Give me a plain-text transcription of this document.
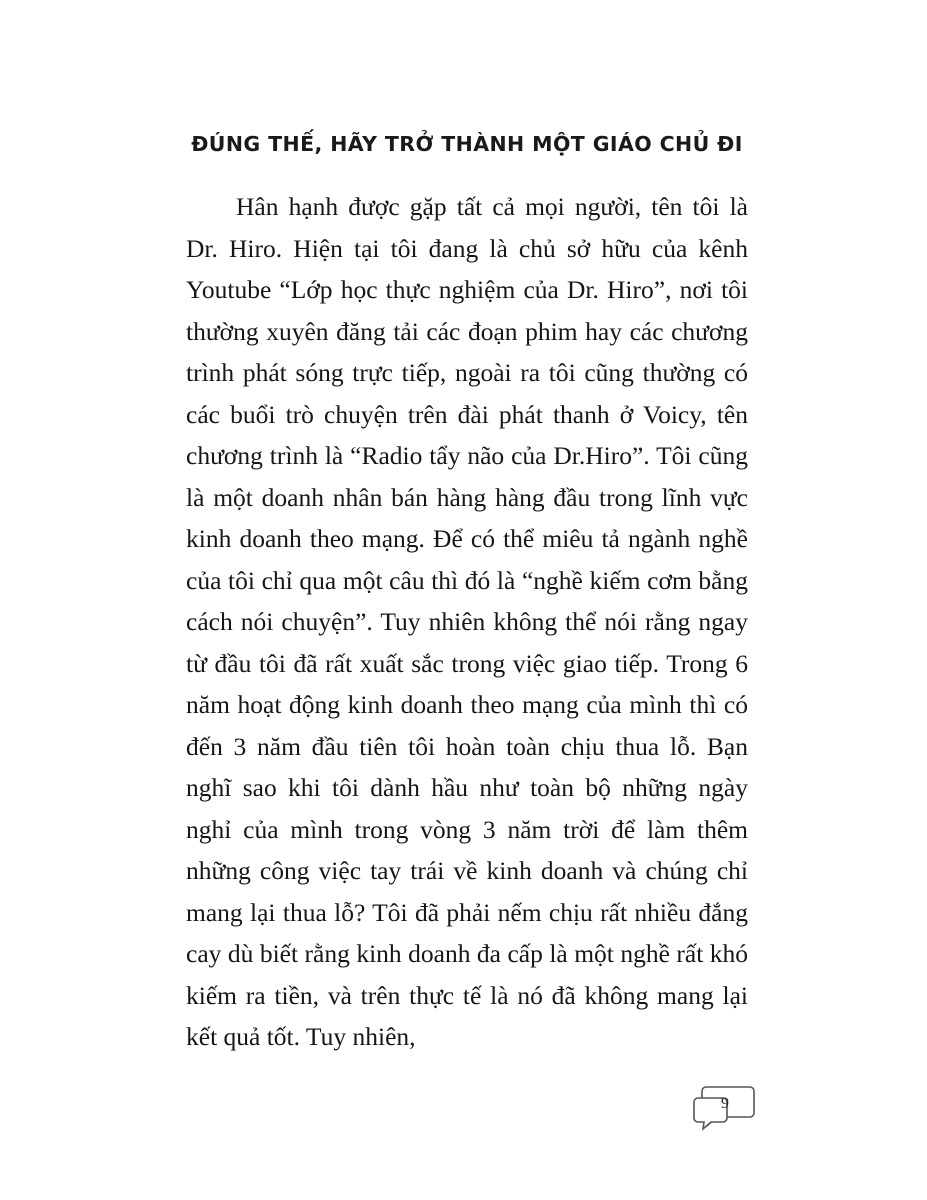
ĐÚNG THẾ, HÃY TRỞ THÀNH MỘT GIÁO CHỦ ĐI

Hân hạnh được gặp tất cả mọi người, tên tôi là Dr. Hiro. Hiện tại tôi đang là chủ sở hữu của kênh Youtube “Lớp học thực nghiệm của Dr. Hiro”, nơi tôi thường xuyên đăng tải các đoạn phim hay các chương trình phát sóng trực tiếp, ngoài ra tôi cũng thường có các buổi trò chuyện trên đài phát thanh ở Voicy, tên chương trình là “Radio tẩy não của Dr.Hiro”. Tôi cũng là một doanh nhân bán hàng hàng đầu trong lĩnh vực kinh doanh theo mạng. Để có thể miêu tả ngành nghề của tôi chỉ qua một câu thì đó là “nghề kiếm cơm bằng cách nói chuyện”. Tuy nhiên không thể nói rằng ngay từ đầu tôi đã rất xuất sắc trong việc giao tiếp. Trong 6 năm hoạt động kinh doanh theo mạng của mình thì có đến 3 năm đầu tiên tôi hoàn toàn chịu thua lỗ. Bạn nghĩ sao khi tôi dành hầu như toàn bộ những ngày nghỉ của mình trong vòng 3 năm trời để làm thêm những công việc tay trái về kinh doanh và chúng chỉ mang lại thua lỗ? Tôi đã phải nếm chịu rất nhiều đắng cay dù biết rằng kinh doanh đa cấp là một nghề rất khó kiếm ra tiền, và trên thực tế là nó đã không mang lại kết quả tốt. Tuy nhiên,

9
